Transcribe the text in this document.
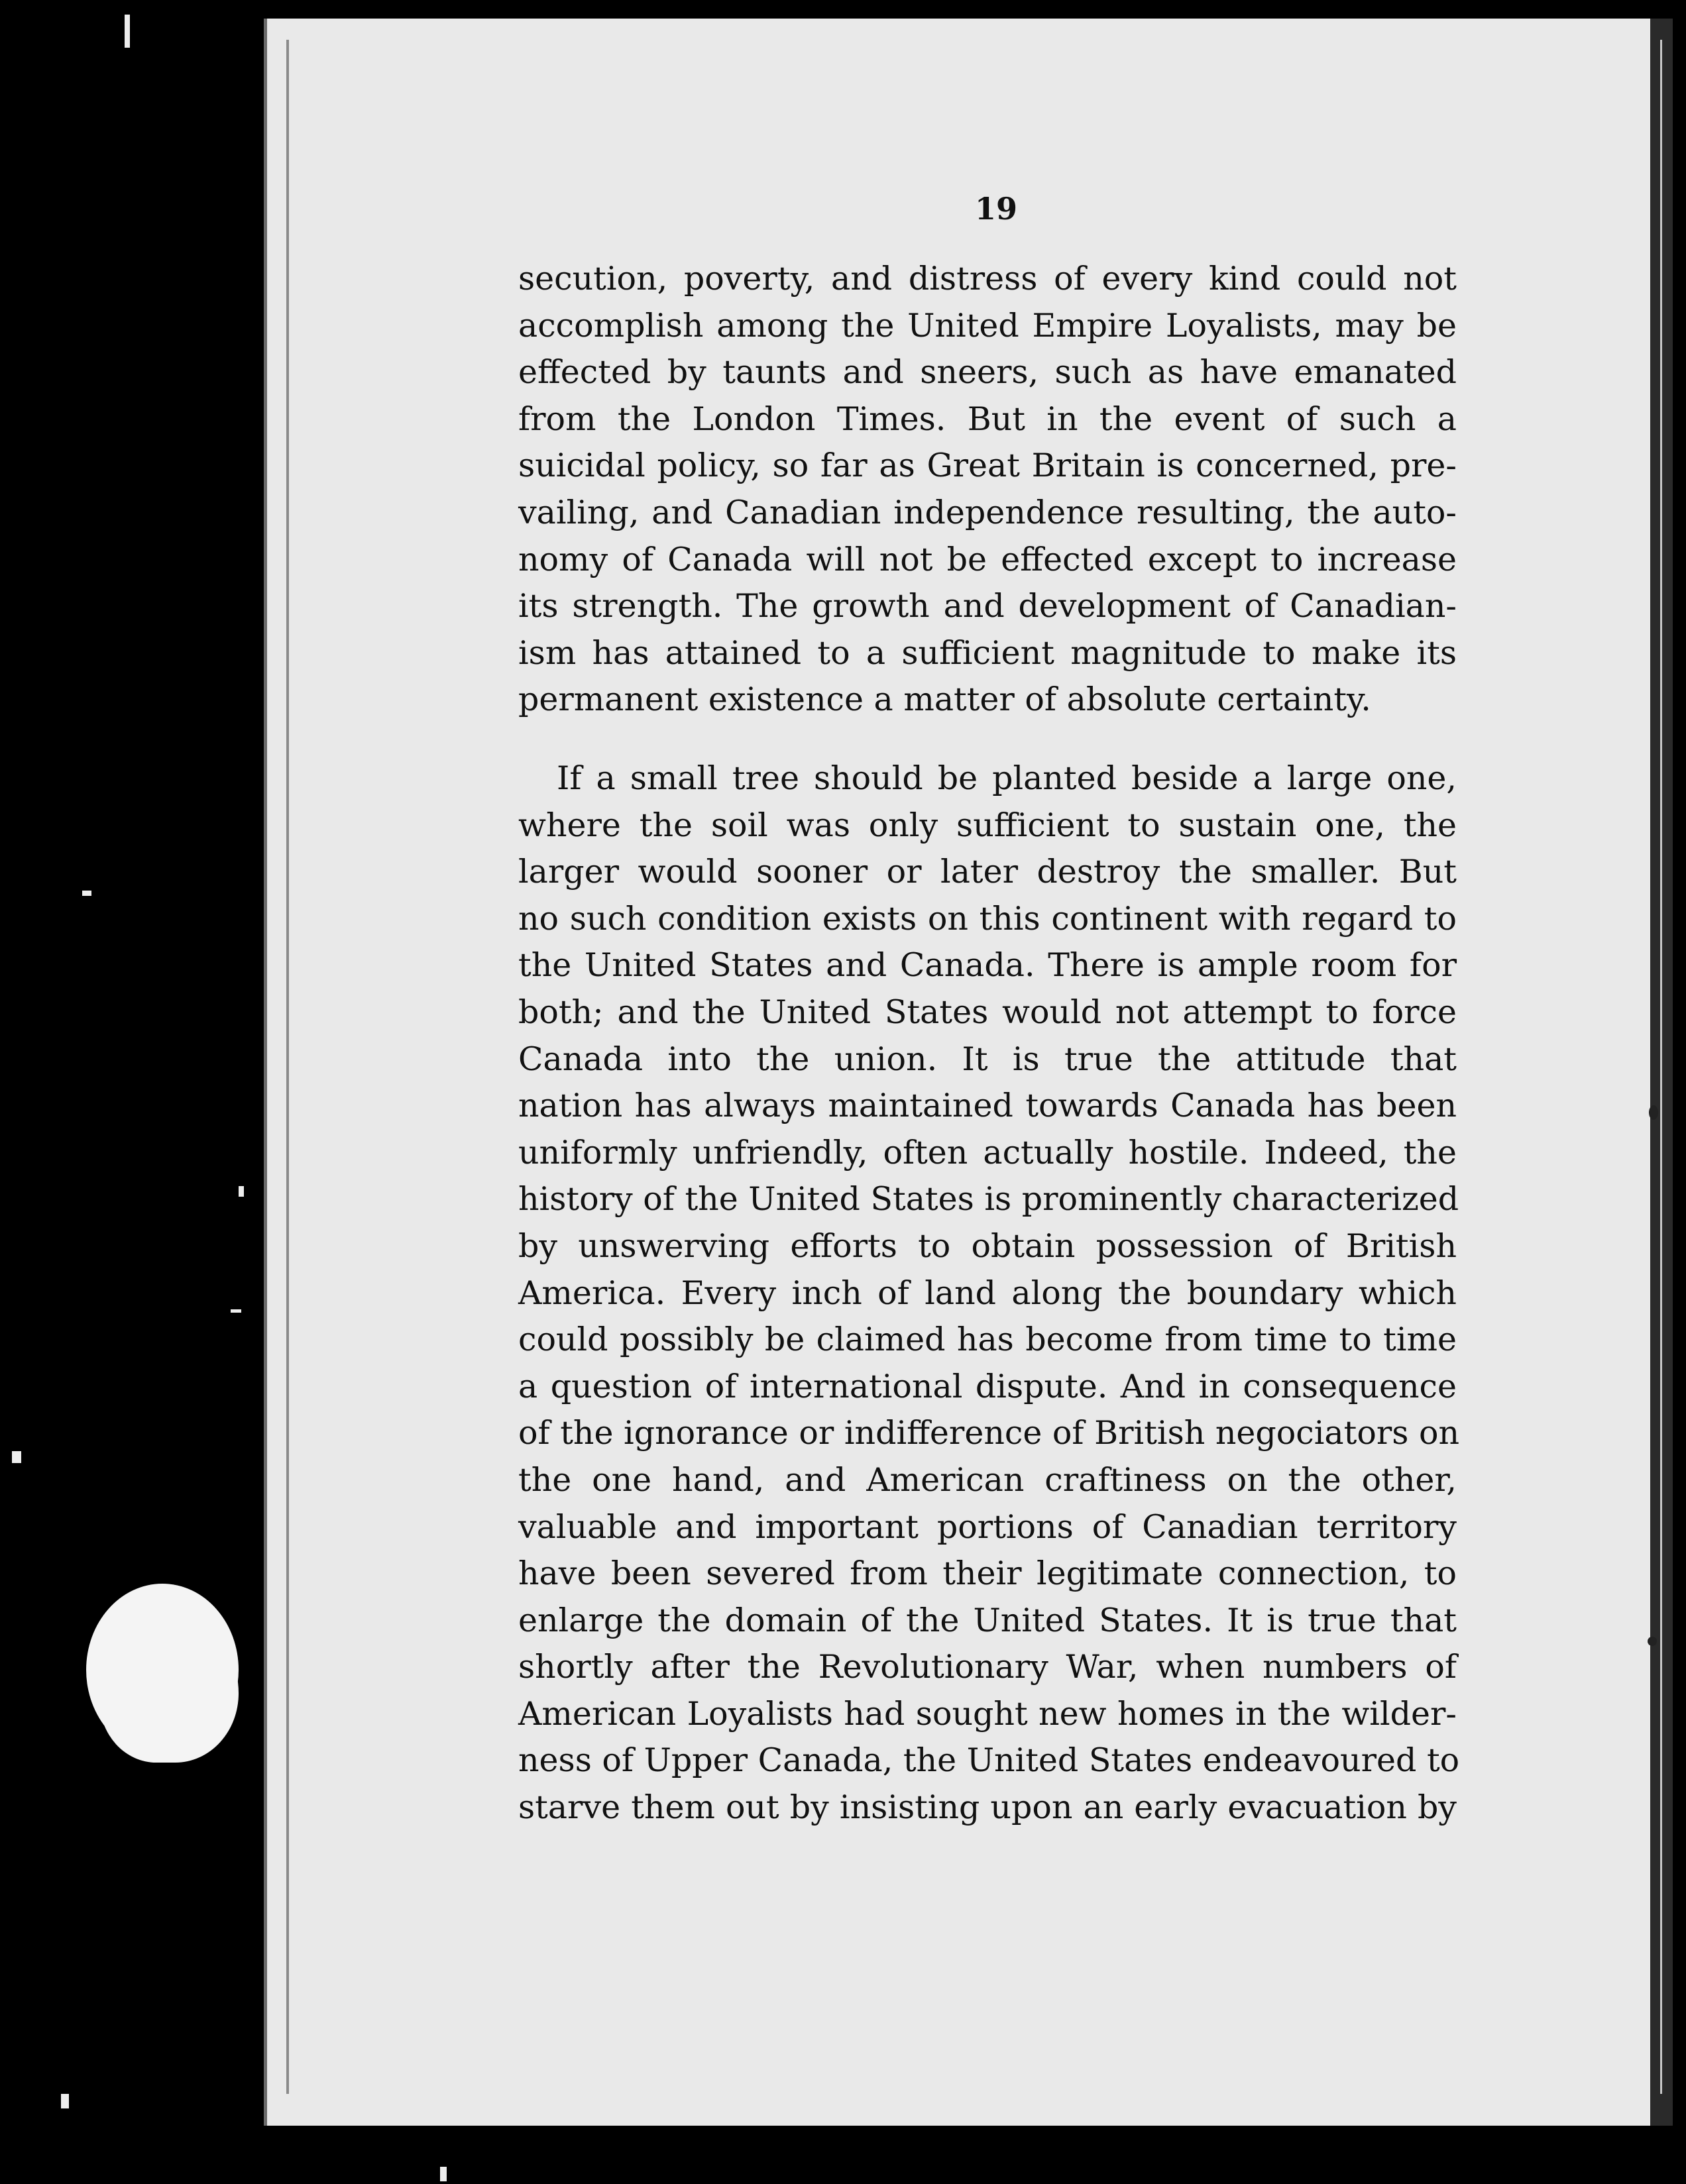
19
secution, poverty, and distress of every kind could not
accomplish among the United Empire Loyalists, may be
effected by taunts and sneers, such as have emanated
from the London Times. But in the event of such a
suicidal policy, so far as Great Britain is concerned, pre-
vailing, and Canadian independence resulting, the auto-
nomy of Canada will not be effected except to increase
its strength. The growth and development of Canadian-
ism has attained to a sufficient magnitude to make its
permanent existence a matter of absolute certainty.
If a small tree should be planted beside a large one,
where the soil was only sufficient to sustain one, the
larger would sooner or later destroy the smaller. But
no such condition exists on this continent with regard to
the United States and Canada. There is ample room for
both; and the United States would not attempt to force
Canada into the union. It is true the attitude that
nation has always maintained towards Canada has been
uniformly unfriendly, often actually hostile. Indeed, the
history of the United States is prominently characterized
by unswerving efforts to obtain possession of British
America. Every inch of land along the boundary which
could possibly be claimed has become from time to time
a question of international dispute. And in consequence
of the ignorance or indifference of British negociators on
the one hand, and American craftiness on the other,
valuable and important portions of Canadian territory
have been severed from their legitimate connection, to
enlarge the domain of the United States. It is true that
shortly after the Revolutionary War, when numbers of
American Loyalists had sought new homes in the wilder-
ness of Upper Canada, the United States endeavoured to
starve them out by insisting upon an early evacuation by
